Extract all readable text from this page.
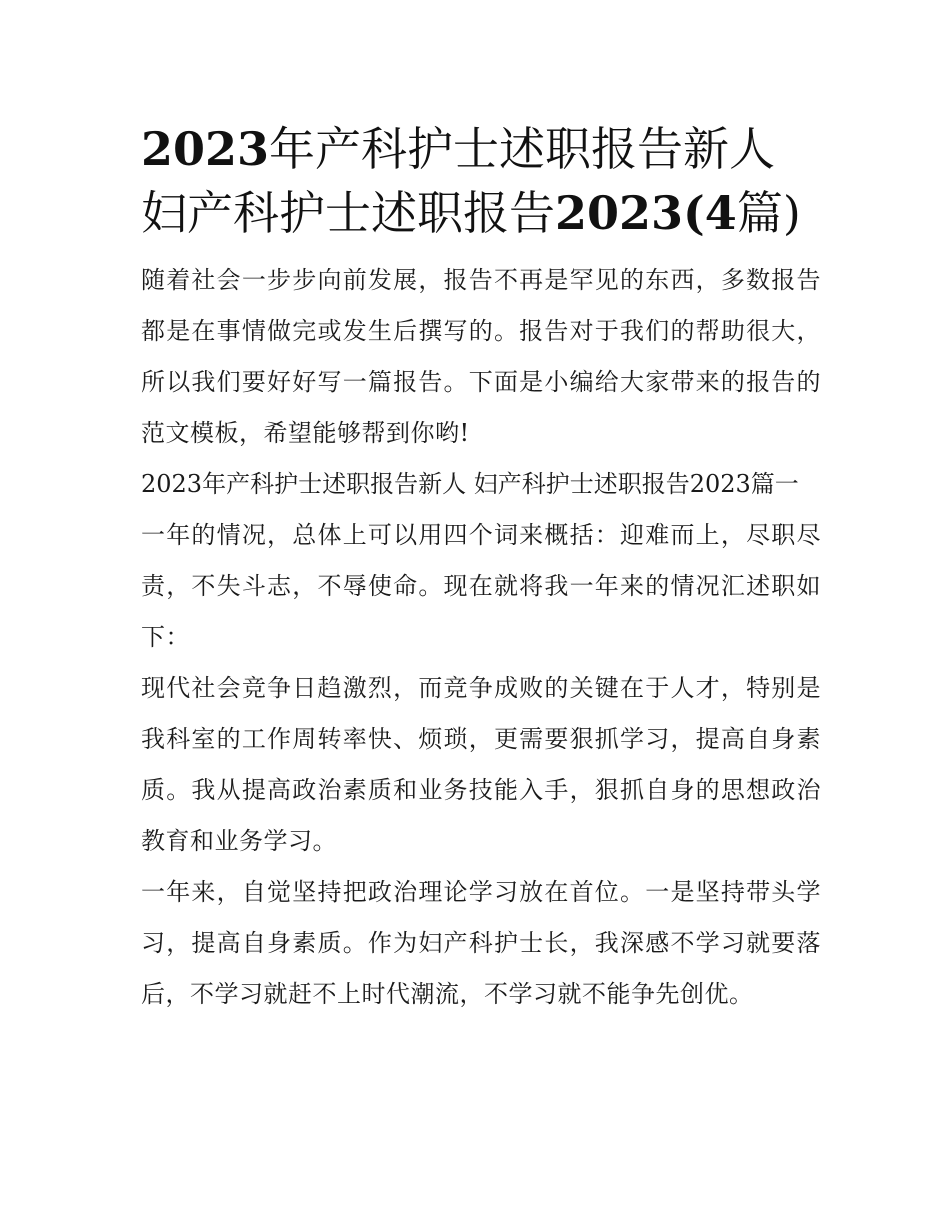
2023年产科护士述职报告新人妇产科护士述职报告2023(4篇)

随着社会一步步向前发展，报告不再是罕见的东西，多数报告都是在事情做完或发生后撰写的。报告对于我们的帮助很大，所以我们要好好写一篇报告。下面是小编给大家带来的报告的范文模板，希望能够帮到你哟!

2023年产科护士述职报告新人 妇产科护士述职报告2023篇一

一年的情况，总体上可以用四个词来概括：迎难而上，尽职尽责，不失斗志，不辱使命。现在就将我一年来的情况汇述职如下：

现代社会竞争日趋激烈，而竞争成败的关键在于人才，特别是我科室的工作周转率快、烦琐，更需要狠抓学习，提高自身素质。我从提高政治素质和业务技能入手，狠抓自身的思想政治教育和业务学习。

一年来，自觉坚持把政治理论学习放在首位。一是坚持带头学习，提高自身素质。作为妇产科护士长，我深感不学习就要落后，不学习就赶不上时代潮流，不学习就不能争先创优。
